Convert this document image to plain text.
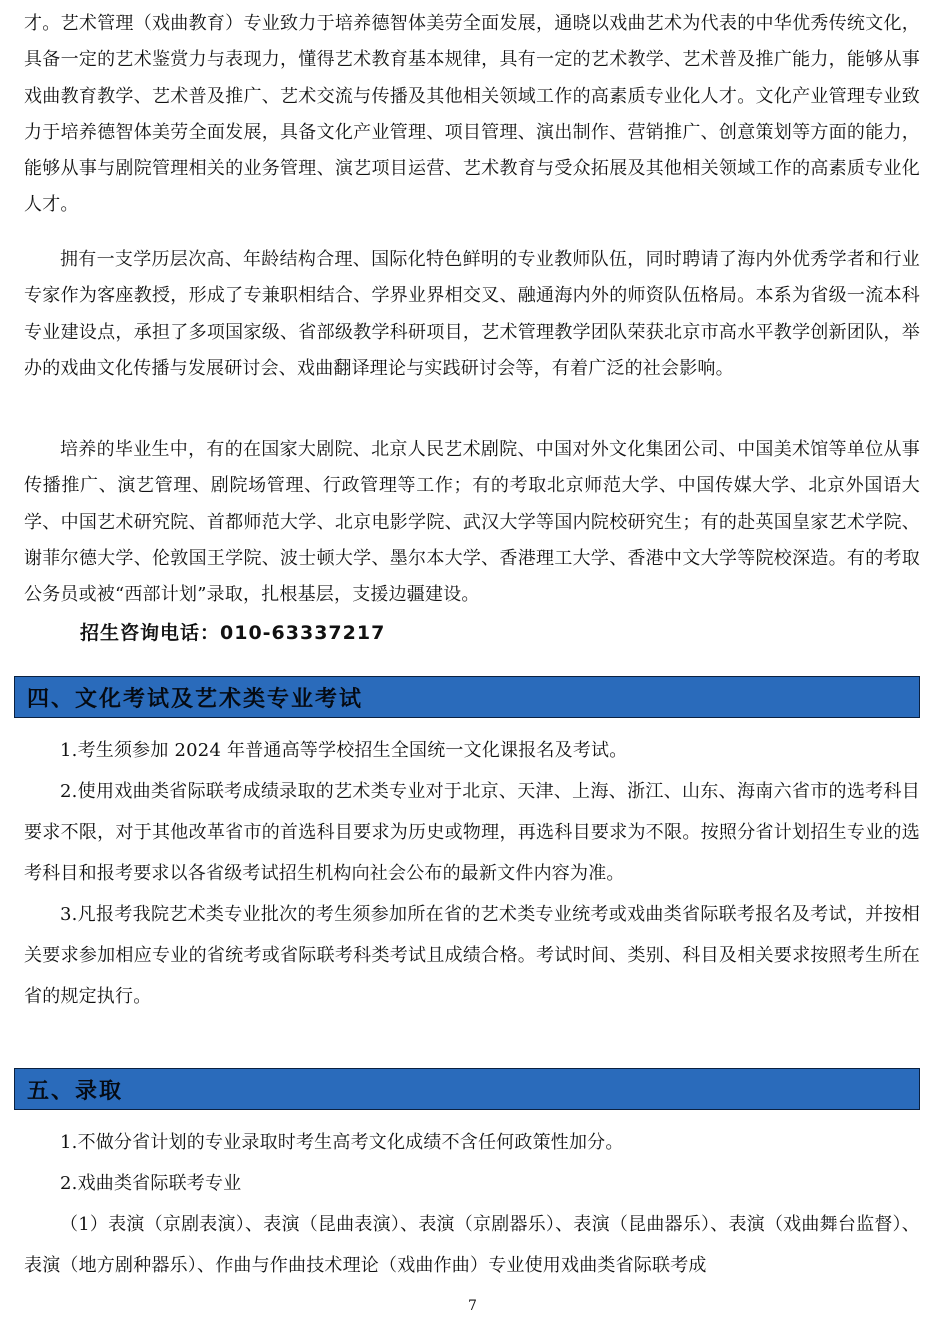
才。艺术管理（戏曲教育）专业致力于培养德智体美劳全面发展，通晓以戏曲艺术为代表的中华优秀传统文化，具备一定的艺术鉴赏力与表现力，懂得艺术教育基本规律，具有一定的艺术教学、艺术普及推广能力，能够从事戏曲教育教学、艺术普及推广、艺术交流与传播及其他相关领域工作的高素质专业化人才。文化产业管理专业致力于培养德智体美劳全面发展，具备文化产业管理、项目管理、演出制作、营销推广、创意策划等方面的能力，能够从事与剧院管理相关的业务管理、演艺项目运营、艺术教育与受众拓展及其他相关领域工作的高素质专业化人才。

拥有一支学历层次高、年龄结构合理、国际化特色鲜明的专业教师队伍，同时聘请了海内外优秀学者和行业专家作为客座教授，形成了专兼职相结合、学界业界相交叉、融通海内外的师资队伍格局。本系为省级一流本科专业建设点，承担了多项国家级、省部级教学科研项目，艺术管理教学团队荣获北京市高水平教学创新团队，举办的戏曲文化传播与发展研讨会、戏曲翻译理论与实践研讨会等，有着广泛的社会影响。

培养的毕业生中，有的在国家大剧院、北京人民艺术剧院、中国对外文化集团公司、中国美术馆等单位从事传播推广、演艺管理、剧院场管理、行政管理等工作；有的考取北京师范大学、中国传媒大学、北京外国语大学、中国艺术研究院、首都师范大学、北京电影学院、武汉大学等国内院校研究生；有的赴英国皇家艺术学院、谢菲尔德大学、伦敦国王学院、波士顿大学、墨尔本大学、香港理工大学、香港中文大学等院校深造。有的考取公务员或被“西部计划”录取，扎根基层，支援边疆建设。

招生咨询电话：010-63337217

四、文化考试及艺术类专业考试

1.考生须参加 2024 年普通高等学校招生全国统一文化课报名及考试。

2.使用戏曲类省际联考成绩录取的艺术类专业对于北京、天津、上海、浙江、山东、海南六省市的选考科目要求不限，对于其他改革省市的首选科目要求为历史或物理，再选科目要求为不限。按照分省计划招生专业的选考科目和报考要求以各省级考试招生机构向社会公布的最新文件内容为准。

3.凡报考我院艺术类专业批次的考生须参加所在省的艺术类专业统考或戏曲类省际联考报名及考试，并按相关要求参加相应专业的省统考或省际联考科类考试且成绩合格。考试时间、类别、科目及相关要求按照考生所在省的规定执行。

五、录取

1.不做分省计划的专业录取时考生高考文化成绩不含任何政策性加分。

2.戏曲类省际联考专业

（1）表演（京剧表演）、表演（昆曲表演）、表演（京剧器乐）、表演（昆曲器乐）、表演（戏曲舞台监督）、表演（地方剧种器乐）、作曲与作曲技术理论（戏曲作曲）专业使用戏曲类省际联考成

7
